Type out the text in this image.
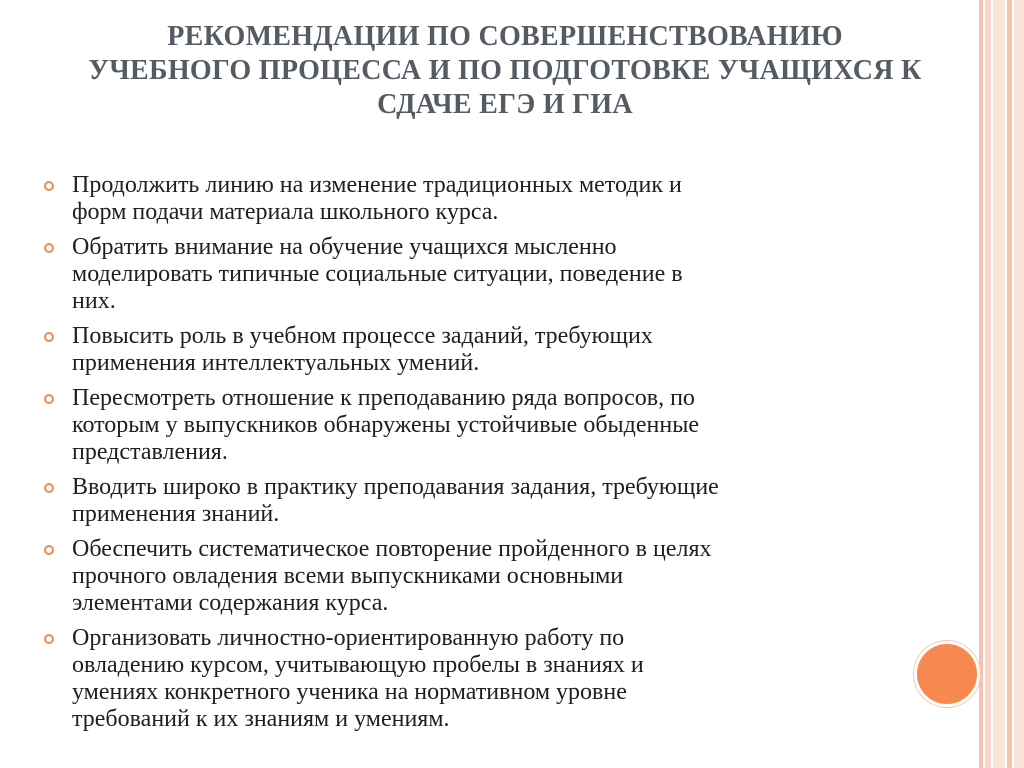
РЕКОМЕНДАЦИИ ПО СОВЕРШЕНСТВОВАНИЮ
УЧЕБНОГО ПРОЦЕССА И ПО ПОДГОТОВКЕ УЧАЩИХСЯ К
СДАЧЕ ЕГЭ И ГИА
Продолжить линию на изменение традиционных методик и
форм подачи материала школьного курса.
Обратить внимание на обучение учащихся мысленно
моделировать типичные социальные ситуации, поведение в
них.
Повысить роль в учебном процессе заданий, требующих
применения интеллектуальных умений.
Пересмотреть отношение к преподаванию ряда вопросов, по
которым у выпускников обнаружены устойчивые обыденные
представления.
Вводить широко в практику преподавания задания, требующие
применения знаний.
Обеспечить систематическое повторение пройденного в целях
прочного овладения всеми выпускниками основными
элементами содержания курса.
Организовать личностно-ориентированную работу по
овладению курсом, учитывающую пробелы в знаниях и
умениях конкретного ученика на нормативном уровне
требований к их знаниям и умениям.
